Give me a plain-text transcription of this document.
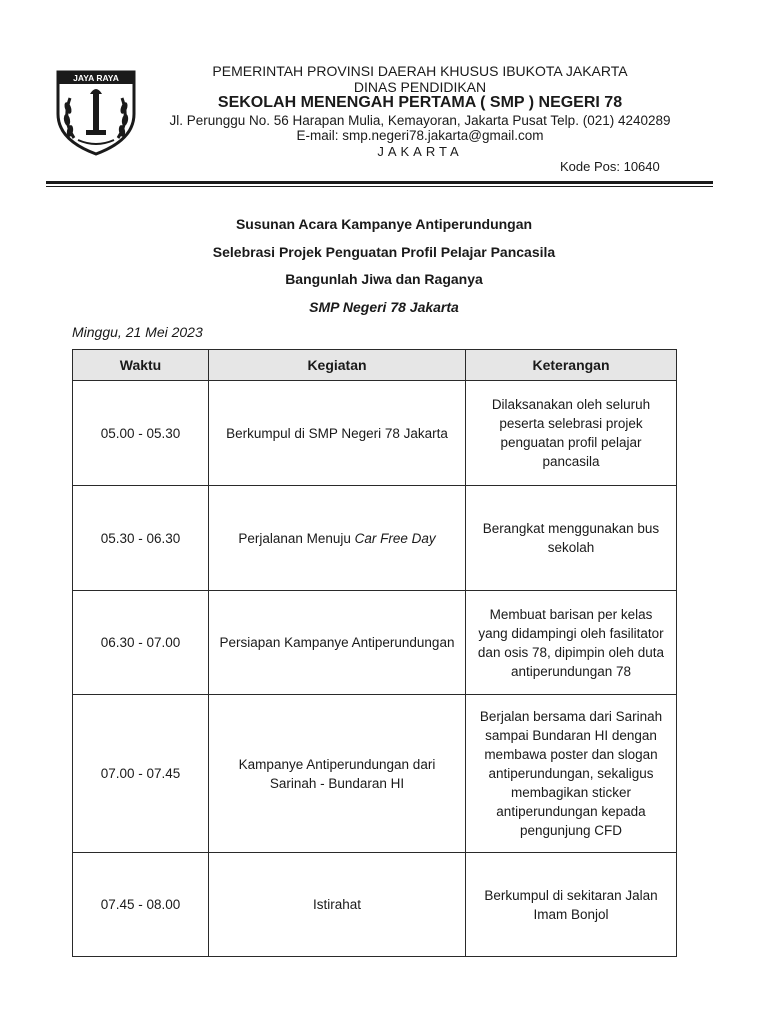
JAYA RAYA	PEMERINTAH PROVINSI DAERAH KHUSUS IBUKOTA JAKARTA
DINAS PENDIDIKAN
SEKOLAH MENENGAH PERTAMA ( SMP ) NEGERI 78
Jl. Perunggu No. 56 Harapan Mulia, Kemayoran, Jakarta Pusat Telp. (021) 4240289
E-mail: smp.negeri78.jakarta@gmail.com
JAKARTA
Kode Pos: 10640
Susunan Acara Kampanye Antiperundungan
Selebrasi Projek Penguatan Profil Pelajar Pancasila
Bangunlah Jiwa dan Raganya
SMP Negeri 78 Jakarta
Minggu, 21 Mei 2023
Waktu	Kegiatan	Keterangan
05.00 - 05.30	Berkumpul di SMP Negeri 78 Jakarta	Dilaksanakan oleh seluruh peserta selebrasi projek penguatan profil pelajar pancasila
05.30 - 06.30	Perjalanan Menuju Car Free Day	Berangkat menggunakan bus sekolah
06.30 - 07.00	Persiapan Kampanye Antiperundungan	Membuat barisan per kelas yang didampingi oleh fasilitator dan osis 78, dipimpin oleh duta antiperundungan 78
07.00 - 07.45	Kampanye Antiperundungan dari Sarinah - Bundaran HI	Berjalan bersama dari Sarinah sampai Bundaran HI dengan membawa poster dan slogan antiperundungan, sekaligus membagikan sticker antiperundungan kepada pengunjung CFD
07.45 - 08.00	Istirahat	Berkumpul di sekitaran Jalan Imam Bonjol
